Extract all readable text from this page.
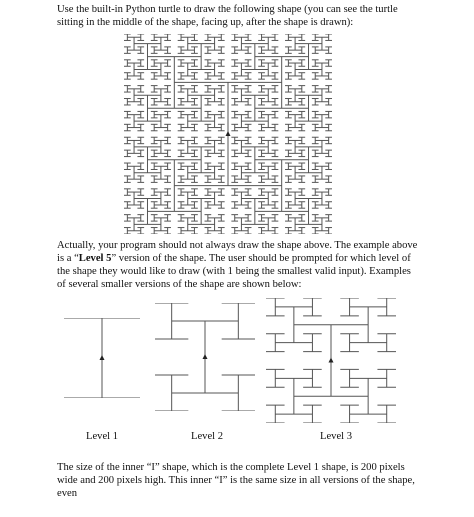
Use the built-in Python turtle to draw the following shape (you can see the turtle sitting in the middle of the shape, facing up, after the shape is drawn):

Actually, your program should not always draw the shape above. The example above is a “Level 5” version of the shape. The user should be prompted for which level of the shape they would like to draw (with 1 being the smallest valid input). Examples of several smaller versions of the shape are shown below:

Level 1	Level 2	Level 3

The size of the inner “I” shape, which is the complete Level 1 shape, is 200 pixels wide and 200 pixels high. This inner “I” is the same size in all versions of the shape, even
